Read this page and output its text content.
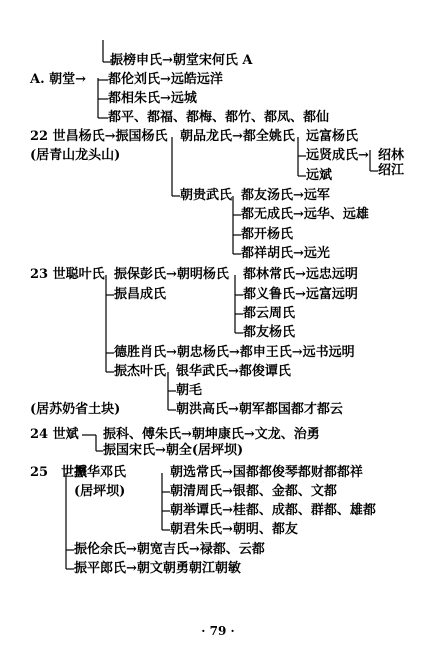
振榜申氏→朝堂宋何氏 A
A. 朝堂→ 都伦刘氏→远皓远洋
都相朱氏→远城
都平、都福、都梅、都竹、都凤、都仙
22 世昌杨氏→振国杨氏 朝品龙氏→都全姚氏 远富杨氏
(居青山龙头山)	远贤成氏→ 绍林
远斌	绍江
朝贵武氏 都友汤氏→远军
都无成氏→远华、远雄
都开杨氏
都祥胡氏→远光
23 世聪叶氏 振保彭氏→朝明杨氏 都林常氏→远忠远明
振昌成氏	都义鲁氏→远富远明
都云周氏
都友杨氏
德胜肖氏→朝忠杨氏→都申王氏→远书远明
振杰叶氏 银华武氏→都俊谭氏
朝毛
(居苏奶省土块)	朝洪高氏→朝军都国都才都云
24 世斌 振科、傅朱氏→朝坤康氏→文龙、治勇
振国宋氏→朝全(居坪坝)
25　世熏
振华邓氏	朝选常氏→国都都俊琴都财都都祥
(居坪坝)	朝清周氏→银都、金都、文都
朝举谭氏→桂都、成都、群都、雄都
朝君朱氏→朝明、都友
振伦余氏→朝宽吉氏→禄都、云都
振平郎氏→朝文朝勇朝江朝敏
· 79 ·
